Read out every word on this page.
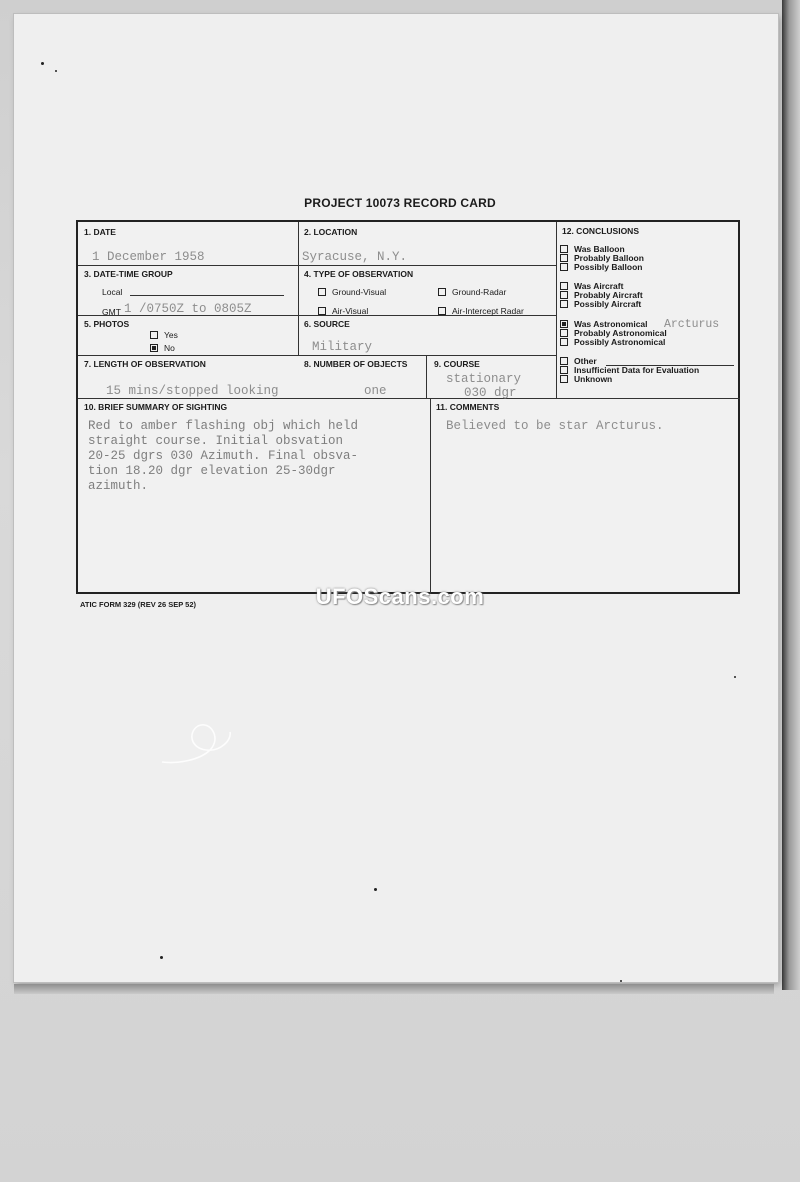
PROJECT 10073 RECORD CARD
1. DATE
1 December 1958
2. LOCATION
Syracuse, N.Y.
3. DATE-TIME GROUP
Local
GMT 1 /0750Z to 0805Z
4. TYPE OF OBSERVATION
Ground-Visual	Ground-Radar
Air-Visual	Air-Intercept Radar
5. PHOTOS
Yes
No
6. SOURCE
Military
7. LENGTH OF OBSERVATION
15 mins/stopped looking
8. NUMBER OF OBJECTS
one
9. COURSE
stationary
030 dgr
10. BRIEF SUMMARY OF SIGHTING
Red to amber flashing obj which held
straight course. Initial obsvation
20-25 dgrs 030 Azimuth. Final obsva-
tion 18.20 dgr elevation 25-30dgr
azimuth.
11. COMMENTS
Believed to be star Arcturus.
12. CONCLUSIONS
Was Balloon
Probably Balloon
Possibly Balloon
Was Aircraft
Probably Aircraft
Possibly Aircraft
Was Astronomical
Probably Astronomical
Possibly Astronomical
Other
Insufficient Data for Evaluation
Unknown
Arcturus
ATIC FORM 329 (REV 26 SEP 52)	UFOScans.com
